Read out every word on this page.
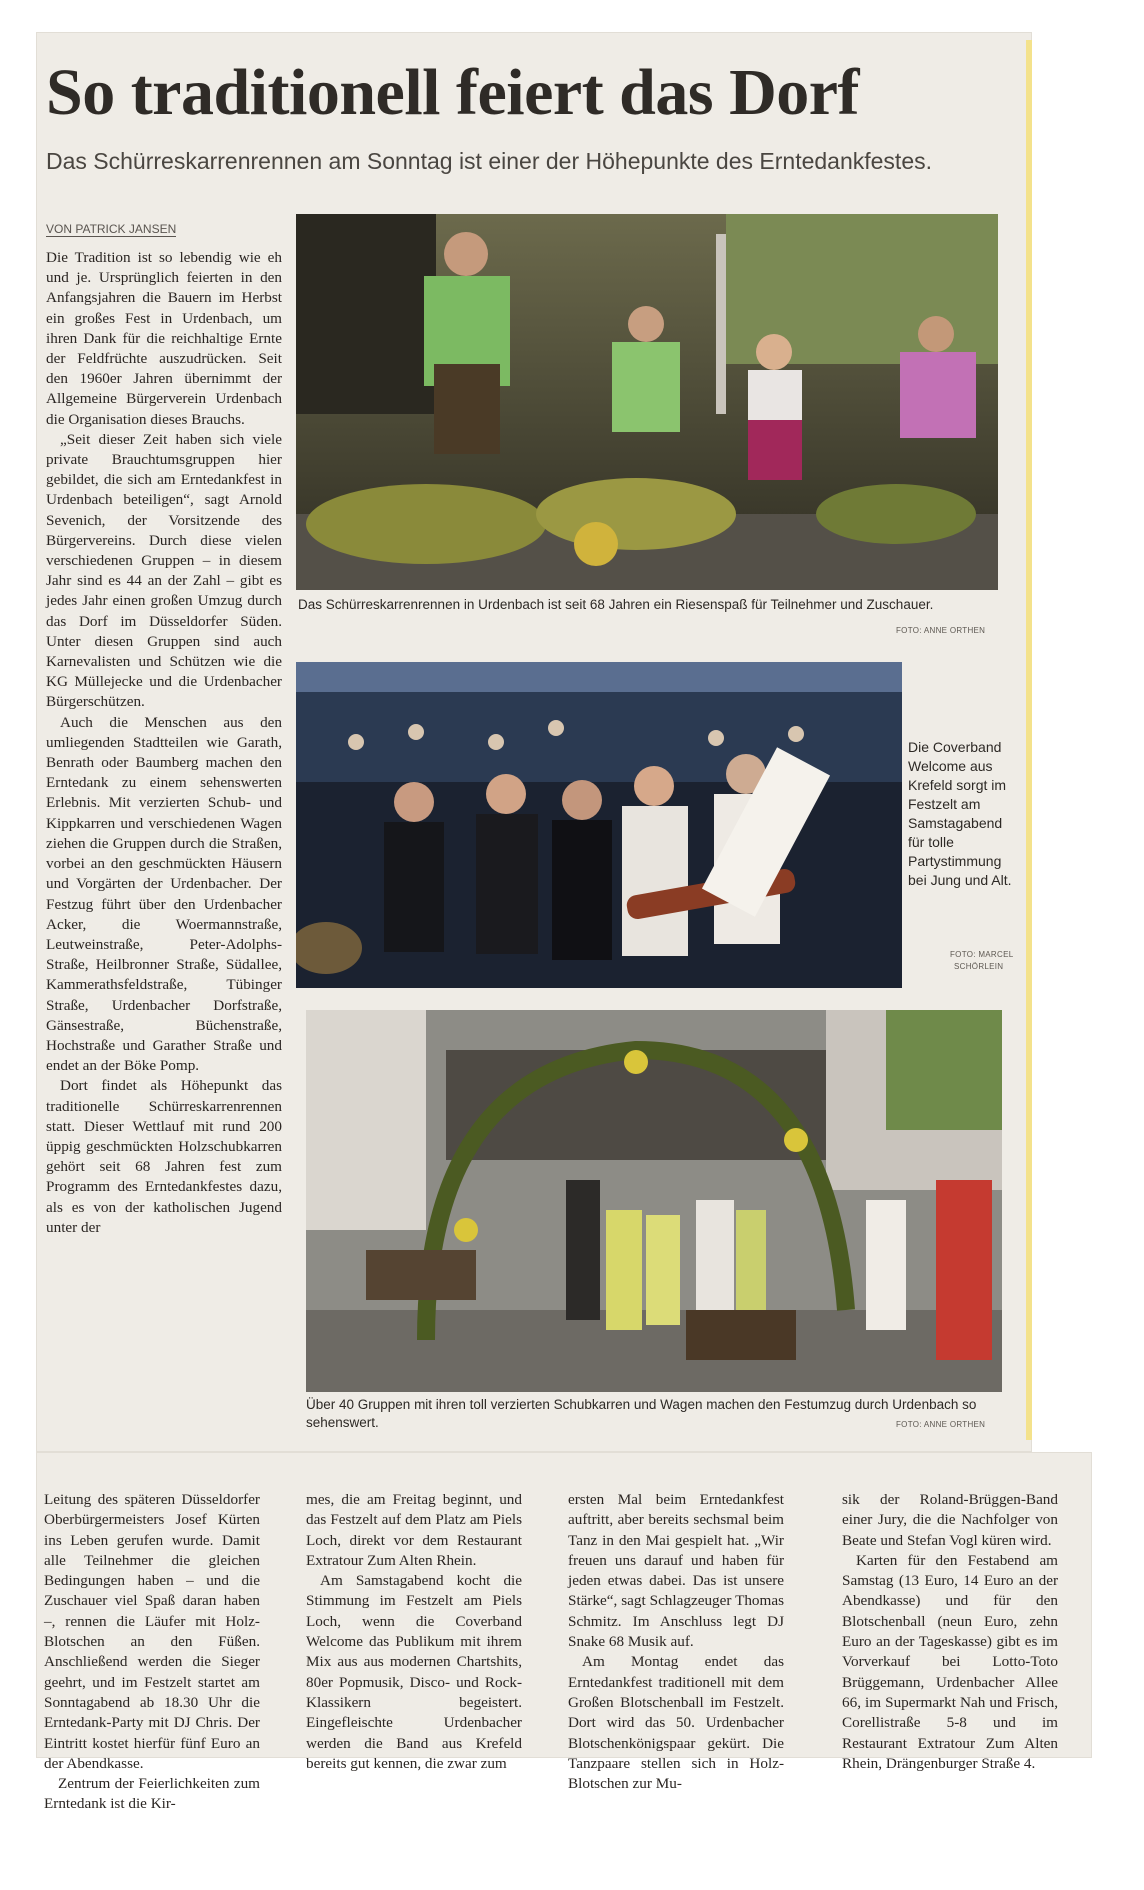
So traditionell feiert das Dorf
Das Schürreskarrenrennen am Sonntag ist einer der Höhepunkte des Erntedankfestes.
VON PATRICK JANSEN

Die Tradition ist so lebendig wie eh und je. Ursprünglich feierten in den Anfangsjahren die Bauern im Herbst ein großes Fest in Urdenbach, um ihren Dank für die reichhaltige Ernte der Feldfrüchte auszudrücken. Seit den 1960er Jahren übernimmt der Allgemeine Bürgerverein Urdenbach die Organisation dieses Brauchs.

„Seit dieser Zeit haben sich viele private Brauchtumsgruppen hier gebildet, die sich am Erntedankfest in Urdenbach beteiligen“, sagt Arnold Sevenich, der Vorsitzende des Bürgervereins. Durch diese vielen verschiedenen Gruppen – in diesem Jahr sind es 44 an der Zahl – gibt es jedes Jahr einen großen Umzug durch das Dorf im Düsseldorfer Süden. Unter diesen Gruppen sind auch Karnevalisten und Schützen wie die KG Müllejecke und die Urdenbacher Bürgerschützen.

Auch die Menschen aus den umliegenden Stadtteilen wie Garath, Benrath oder Baumberg machen den Erntedank zu einem sehenswerten Erlebnis. Mit verzierten Schub- und Kippkarren und verschiedenen Wagen ziehen die Gruppen durch die Straßen, vorbei an den geschmückten Häusern und Vorgärten der Urdenbacher. Der Festzug führt über den Urdenbacher Acker, die Woermannstraße, Leutweinstraße, Peter-Adolphs-Straße, Heilbronner Straße, Südallee, Kammerathsfeldstraße, Tübinger Straße, Urdenbacher Dorfstraße, Gänsestraße, Büchenstraße, Hochstraße und Garather Straße und endet an der Böke Pomp.

Dort findet als Höhepunkt das traditionelle Schürreskarrenrennen statt. Dieser Wettlauf mit rund 200 üppig geschmückten Holzschubkarren gehört seit 68 Jahren fest zum Programm des Erntedankfestes dazu, als es von der katholischen Jugend unter der

Das Schürreskarrenrennen in Urdenbach ist seit 68 Jahren ein Riesenspaß für Teilnehmer und Zuschauer.
FOTO: ANNE ORTHEN
Die Coverband Welcome aus Krefeld sorgt im Festzelt am Samstagabend für tolle Partystimmung bei Jung und Alt.
FOTO: MARCEL
SCHÖRLEIN
Über 40 Gruppen mit ihren toll verzierten Schubkarren und Wagen machen den Festumzug durch Urdenbach so sehenswert.	FOTO: ANNE ORTHEN

Leitung des späteren Düsseldorfer Oberbürgermeisters Josef Kürten ins Leben gerufen wurde. Damit alle Teilnehmer die gleichen Bedingungen haben – und die Zuschauer viel Spaß daran haben –, rennen die Läufer mit Holz-Blotschen an den Füßen. Anschließend werden die Sieger geehrt, und im Festzelt startet am Sonntagabend ab 18.30 Uhr die Erntedank-Party mit DJ Chris. Der Eintritt kostet hierfür fünf Euro an der Abendkasse.

Zentrum der Feierlichkeiten zum Erntedank ist die Kir-

mes, die am Freitag beginnt, und das Festzelt auf dem Platz am Piels Loch, direkt vor dem Restaurant Extratour Zum Alten Rhein.

Am Samstagabend kocht die Stimmung im Festzelt am Piels Loch, wenn die Coverband Welcome das Publikum mit ihrem Mix aus aus modernen Chartshits, 80er Popmusik, Disco- und Rock-Klassikern begeistert. Eingefleischte Urdenbacher werden die Band aus Krefeld bereits gut kennen, die zwar zum

ersten Mal beim Erntedankfest auftritt, aber bereits sechsmal beim Tanz in den Mai gespielt hat. „Wir freuen uns darauf und haben für jeden etwas dabei. Das ist unsere Stärke“, sagt Schlagzeuger Thomas Schmitz. Im Anschluss legt DJ Snake 68 Musik auf.

Am Montag endet das Erntedankfest traditionell mit dem Großen Blotschenball im Festzelt. Dort wird das 50. Urdenbacher Blotschenkönigspaar gekürt. Die Tanzpaare stellen sich in Holz-Blotschen zur Mu-

sik der Roland-Brüggen-Band einer Jury, die die Nachfolger von Beate und Stefan Vogl küren wird.

Karten für den Festabend am Samstag (13 Euro, 14 Euro an der Abendkasse) und für den Blotschenball (neun Euro, zehn Euro an der Tageskasse) gibt es im Vorverkauf bei Lotto-Toto Brüggemann, Urdenbacher Allee 66, im Supermarkt Nah und Frisch, Corellistraße 5-8 und im Restaurant Extratour Zum Alten Rhein, Drängenburger Straße 4.
